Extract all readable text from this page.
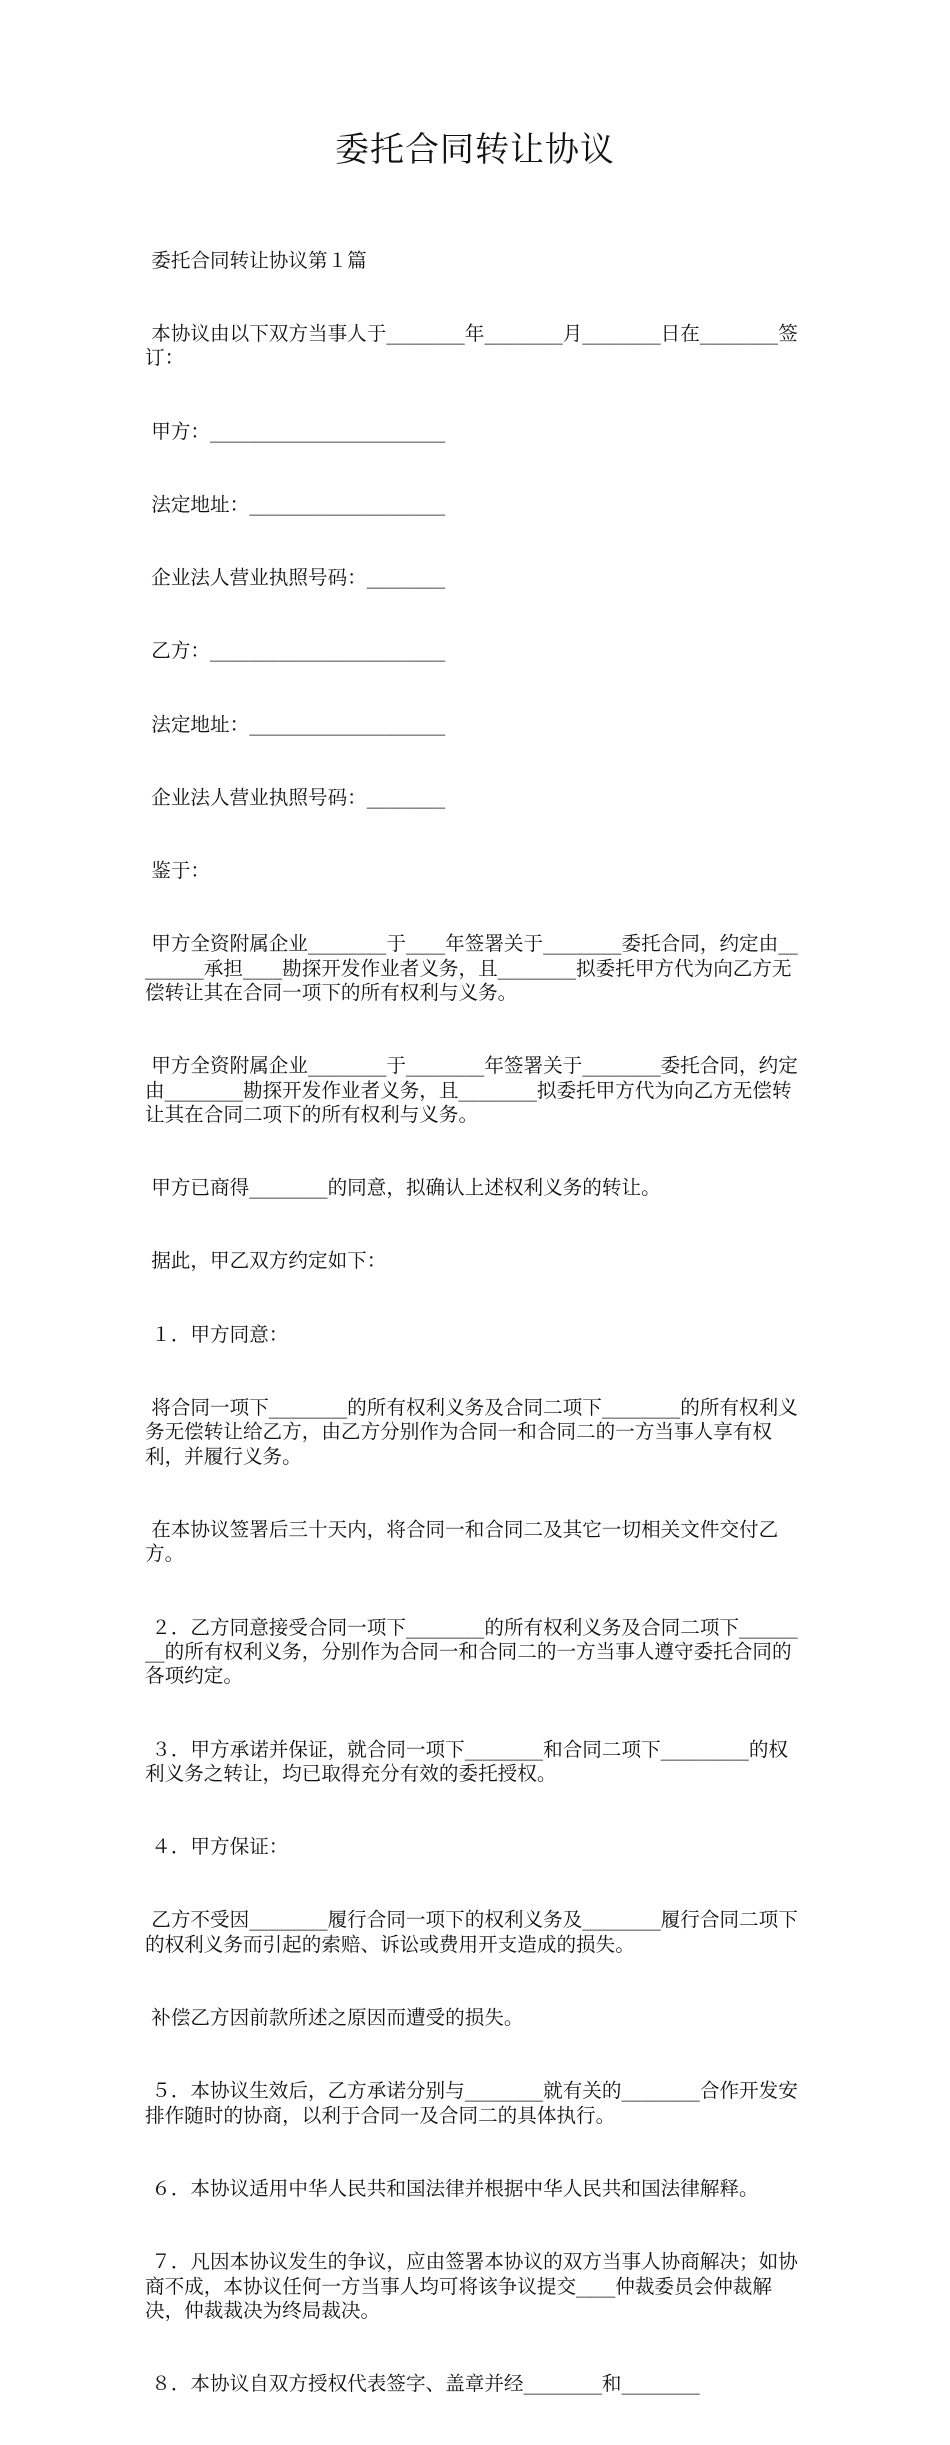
委托合同转让协议

委托合同转让协议第１篇

本协议由以下双方当事人于________年________月________日在________签订：

甲方：________________________

法定地址：____________________

企业法人营业执照号码：________

乙方：________________________

法定地址：____________________

企业法人营业执照号码：________

鉴于：

甲方全资附属企业________于____年签署关于________委托合同，约定由________承担____勘探开发作业者义务，且________拟委托甲方代为向乙方无偿转让其在合同一项下的所有权利与义务。

甲方全资附属企业________于________年签署关于________委托合同，约定由________勘探开发作业者义务，且________拟委托甲方代为向乙方无偿转让其在合同二项下的所有权利与义务。

甲方已商得________的同意，拟确认上述权利义务的转让。

据此，甲乙双方约定如下：

１．甲方同意：

将合同一项下________的所有权利义务及合同二项下________的所有权利义务无偿转让给乙方，由乙方分别作为合同一和合同二的一方当事人享有权利，并履行义务。

在本协议签署后三十天内，将合同一和合同二及其它一切相关文件交付乙方。

２．乙方同意接受合同一项下________的所有权利义务及合同二项下________的所有权利义务，分别作为合同一和合同二的一方当事人遵守委托合同的各项约定。

３．甲方承诺并保证，就合同一项下________和合同二项下_________的权利义务之转让，均已取得充分有效的委托授权。

４．甲方保证：

乙方不受因________履行合同一项下的权利义务及________履行合同二项下的权利义务而引起的索赔、诉讼或费用开支造成的损失。

补偿乙方因前款所述之原因而遭受的损失。

５．本协议生效后，乙方承诺分别与________就有关的________合作开发安排作随时的协商，以利于合同一及合同二的具体执行。

６．本协议适用中华人民共和国法律并根据中华人民共和国法律解释。

７．凡因本协议发生的争议，应由签署本协议的双方当事人协商解决；如协商不成，本协议任何一方当事人均可将该争议提交____仲裁委员会仲裁解决，仲裁裁决为终局裁决。

８．本协议自双方授权代表签字、盖章并经________和________
